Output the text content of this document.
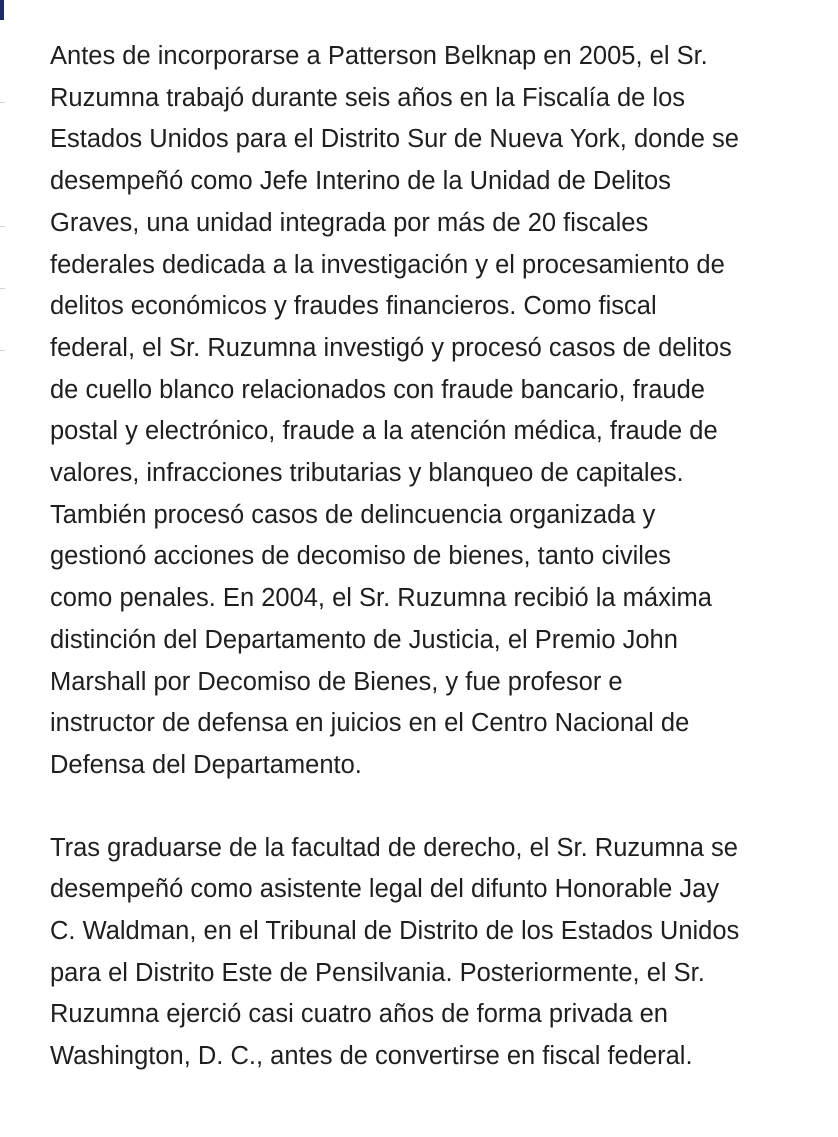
Antes de incorporarse a Patterson Belknap en 2005, el Sr.
Ruzumna trabajó durante seis años en la Fiscalía de los
Estados Unidos para el Distrito Sur de Nueva York, donde se
desempeñó como Jefe Interino de la Unidad de Delitos
Graves, una unidad integrada por más de 20 fiscales
federales dedicada a la investigación y el procesamiento de
delitos económicos y fraudes financieros. Como fiscal
federal, el Sr. Ruzumna investigó y procesó casos de delitos
de cuello blanco relacionados con fraude bancario, fraude
postal y electrónico, fraude a la atención médica, fraude de
valores, infracciones tributarias y blanqueo de capitales.
También procesó casos de delincuencia organizada y
gestionó acciones de decomiso de bienes, tanto civiles
como penales. En 2004, el Sr. Ruzumna recibió la máxima
distinción del Departamento de Justicia, el Premio John
Marshall por Decomiso de Bienes, y fue profesor e
instructor de defensa en juicios en el Centro Nacional de
Defensa del Departamento.

Tras graduarse de la facultad de derecho, el Sr. Ruzumna se
desempeñó como asistente legal del difunto Honorable Jay
C. Waldman, en el Tribunal de Distrito de los Estados Unidos
para el Distrito Este de Pensilvania. Posteriormente, el Sr.
Ruzumna ejerció casi cuatro años de forma privada en
Washington, D. C., antes de convertirse en fiscal federal.
